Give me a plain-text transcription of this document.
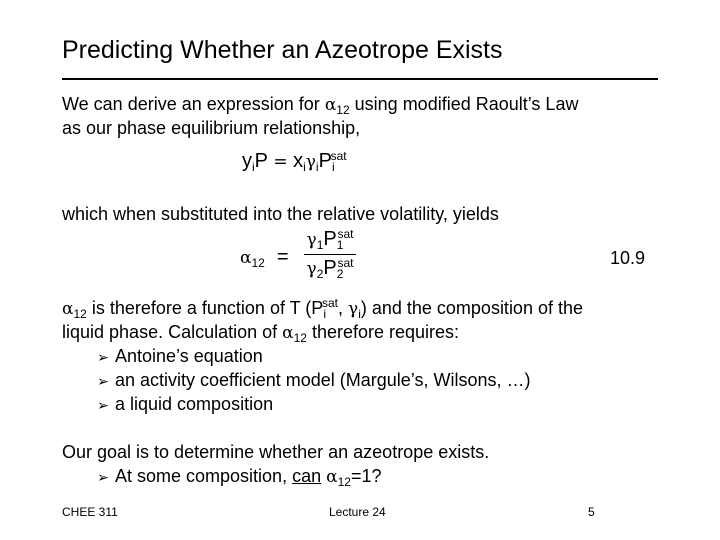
Predicting Whether an Azeotrope Exists
We can derive an expression for $\alpha_{12}$ using modified Raoult’s Law
as our phase equilibrium relationship,
$y_iP = x_i\gamma_iP_i^{sat}$
which when substituted into the relative volatility, yields
$\alpha_{12}$ =
$\gamma_1P_1^{sat}$
$\gamma_2P_2^{sat}$	10.9
$\alpha_{12}$ is therefore a function of T ($P_i^{sat}$, $\gamma_i$) and the composition of the
liquid phase. Calculation of $\alpha_{12}$ therefore requires:
➢ Antoine’s equation
➢ an activity coefficient model (Margule’s, Wilsons, …)
➢ a liquid composition
Our goal is to determine whether an azeotrope exists.
➢ At some composition, can $\alpha_{12}=1$?
CHEE 311	Lecture 24	5
